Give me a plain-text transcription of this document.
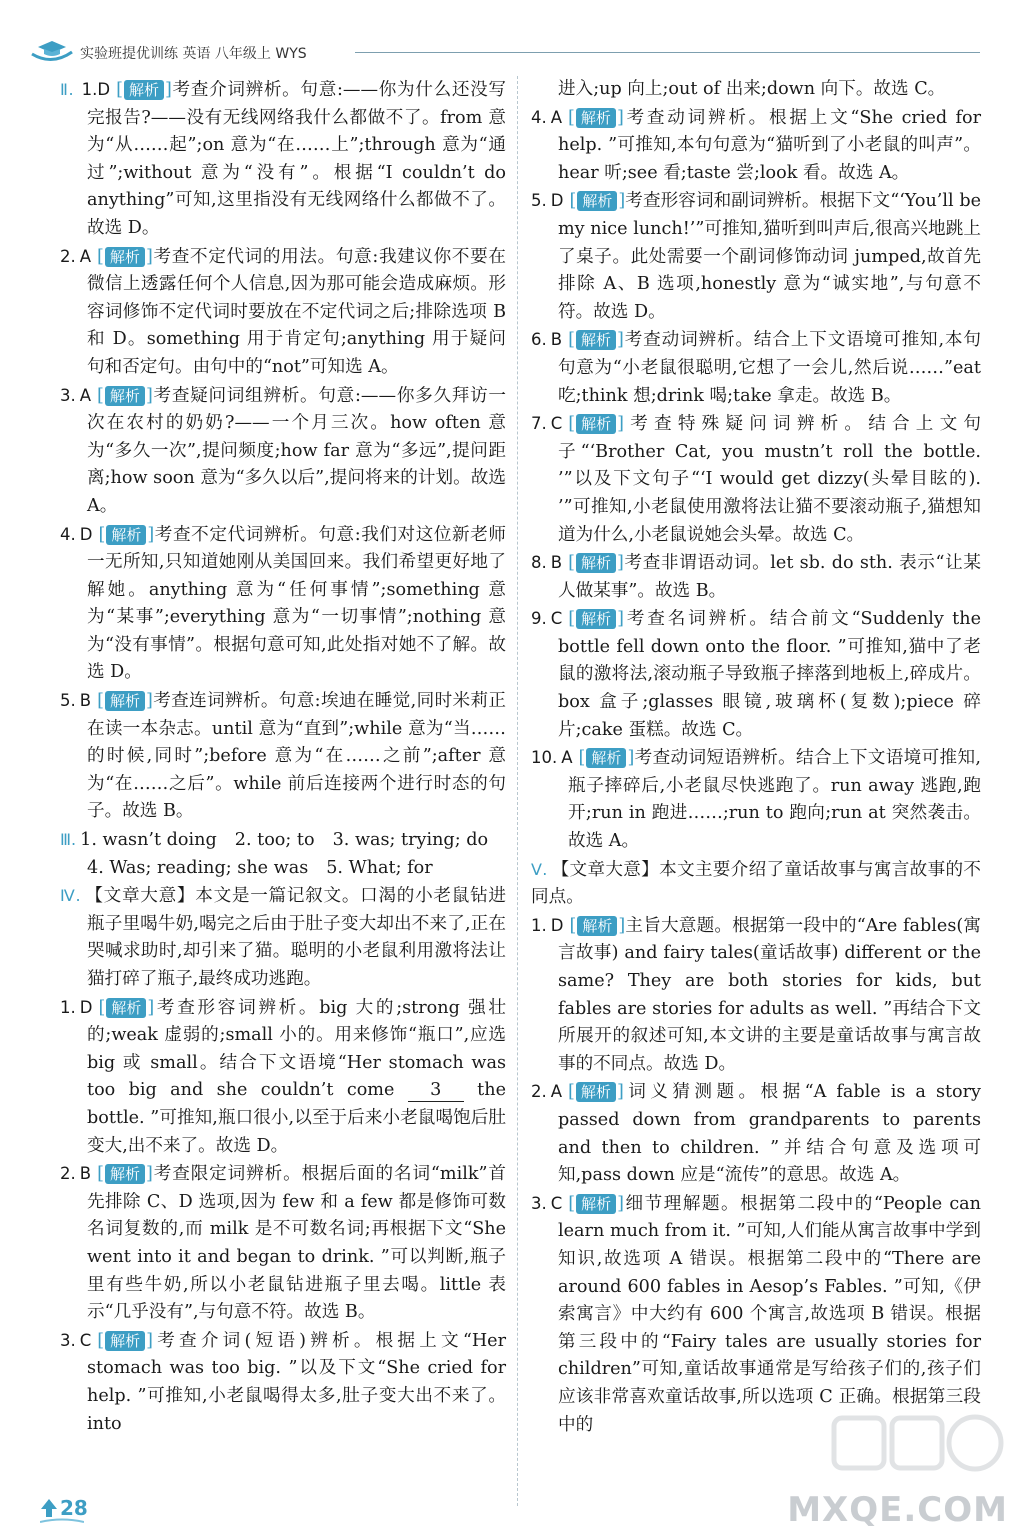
实验班提优训练 英语 八年级上 WYS

Ⅱ. 1.D [ 解析 ]考查介词辨析。句意:——你为什么还没写完报告?——没有无线网络我什么都做不了。from 意为“从……起”;on 意为“在……上”;through 意为“通过”;without 意为“没有”。根据“I couldn’t do anything”可知,这里指没有无线网络什么都做不了。故选 D。

2. A [ 解析 ]考查不定代词的用法。句意:我建议你不要在微信上透露任何个人信息,因为那可能会造成麻烦。形容词修饰不定代词时要放在不定代词之后;排除选项 B 和 D。something 用于肯定句;anything 用于疑问句和否定句。由句中的“not”可知选 A。

3. A [ 解析 ]考查疑问词组辨析。句意:——你多久拜访一次在农村的奶奶?——一个月三次。how often 意为“多久一次”,提问频度;how far 意为“多远”,提问距离;how soon 意为“多久以后”,提问将来的计划。故选 A。

4. D [ 解析 ]考查不定代词辨析。句意:我们对这位新老师一无所知,只知道她刚从美国回来。我们希望更好地了解她。anything 意为“任何事情”;something 意为“某事”;everything 意为“一切事情”;nothing 意为“没有事情”。根据句意可知,此处指对她不了解。故选 D。

5. B [ 解析 ]考查连词辨析。句意:埃迪在睡觉,同时米莉正在读一本杂志。until 意为“直到”;while 意为“当……的时候,同时”;before 意为“在……之前”;after 意为“在……之后”。while 前后连接两个进行时态的句子。故选 B。

Ⅲ. 1. wasn’t doing 2. too; to 3. was; trying; do

4. Was; reading; she was 5. What; for

Ⅳ. 【文章大意】本文是一篇记叙文。口渴的小老鼠钻进瓶子里喝牛奶,喝完之后由于肚子变大却出不来了,正在哭喊求助时,却引来了猫。聪明的小老鼠利用激将法让猫打碎了瓶子,最终成功逃跑。

1. D [ 解析 ]考查形容词辨析。big 大的;strong 强壮的;weak 虚弱的;small 小的。用来修饰“瓶口”,应选 big 或 small。结合下文语境“Her stomach was too big and she couldn’t come 3 the bottle. ”可推知,瓶口很小,以至于后来小老鼠喝饱后肚变大,出不来了。故选 D。

2. B [ 解析 ]考查限定词辨析。根据后面的名词“milk”首先排除 C、D 选项,因为 few 和 a few 都是修饰可数名词复数的,而 milk 是不可数名词;再根据下文“She went into it and began to drink. ”可以判断,瓶子里有些牛奶,所以小老鼠钻进瓶子里去喝。little 表示“几乎没有”,与句意不符。故选 B。

3. C [ 解析 ]考查介词(短语)辨析。根据上文“Her stomach was too big. ”以及下文“She cried for help. ”可推知,小老鼠喝得太多,肚子变大出不来了。into

进入;up 向上;out of 出来;down 向下。故选 C。

4. A [ 解析 ]考查动词辨析。根据上文“She cried for help. ”可推知,本句句意为“猫听到了小老鼠的叫声”。hear 听;see 看;taste 尝;look 看。故选 A。

5. D [ 解析 ]考查形容词和副词辨析。根据下文“‘You’ll be my nice lunch!’”可推知,猫听到叫声后,很高兴地跳上了桌子。此处需要一个副词修饰动词 jumped,故首先排除 A、B 选项,honestly 意为“诚实地”,与句意不符。故选 D。

6. B [ 解析 ]考查动词辨析。结合上下文语境可推知,本句句意为“小老鼠很聪明,它想了一会儿,然后说……”eat 吃;think 想;drink 喝;take 拿走。故选 B。

7. C [ 解析 ]考查特殊疑问词辨析。结合上文句子“‘Brother Cat, you mustn’t roll the bottle. ’”以及下文句子“‘I would get dizzy(头晕目眩的). ’”可推知,小老鼠使用激将法让猫不要滚动瓶子,猫想知道为什么,小老鼠说她会头晕。故选 C。

8. B [ 解析 ]考查非谓语动词。let sb. do sth. 表示“让某人做某事”。故选 B。

9. C [ 解析 ]考查名词辨析。结合前文“Suddenly the bottle fell down onto the floor. ”可推知,猫中了老鼠的激将法,滚动瓶子导致瓶子摔落到地板上,碎成片。box 盒子;glasses 眼镜,玻璃杯(复数);piece 碎片;cake 蛋糕。故选 C。

10. A [ 解析 ]考查动词短语辨析。结合上下文语境可推知,瓶子摔碎后,小老鼠尽快逃跑了。run away 逃跑,跑开;run in 跑进……;run to 跑向;run at 突然袭击。故选 A。

Ⅴ. 【文章大意】本文主要介绍了童话故事与寓言故事的不同点。

1. D [ 解析 ]主旨大意题。根据第一段中的“Are fables(寓言故事) and fairy tales(童话故事) different or the same? They are both stories for kids, but fables are stories for adults as well. ”再结合下文所展开的叙述可知,本文讲的主要是童话故事与寓言故事的不同点。故选 D。

2. A [ 解析 ]词义猜测题。根据“A fable is a story passed down from grandparents to parents and then to children. ”并结合句意及选项可知,pass down 应是“流传”的意思。故选 A。

3. C [ 解析 ]细节理解题。根据第二段中的“People can learn much from it. ”可知,人们能从寓言故事中学到知识,故选项 A 错误。根据第二段中的“There are around 600 fables in Aesop’s Fables. ”可知,《伊索寓言》中大约有 600 个寓言,故选项 B 错误。根据第三段中的“Fairy tales are usually stories for children”可知,童话故事通常是写给孩子们的,孩子们应该非常喜欢童话故事,所以选项 C 正确。根据第三段中的

28	MXQE.COM
